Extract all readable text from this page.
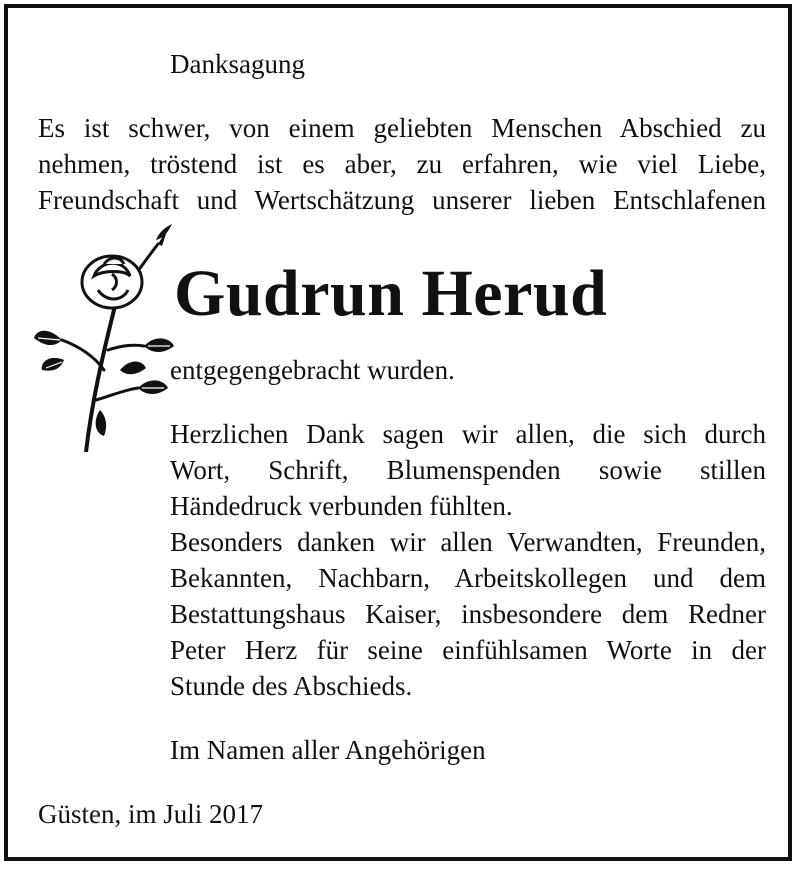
Danksagung
Es ist schwer, von einem geliebten Menschen Abschied zu
nehmen, tröstend ist es aber, zu erfahren, wie viel Liebe,
Freundschaft und Wertschätzung unserer lieben Entschlafenen
Gudrun Herud
entgegengebracht wurden.
Herzlichen Dank sagen wir allen, die sich durch
Wort, Schrift, Blumenspenden sowie stillen
Händedruck verbunden fühlten.
Besonders danken wir allen Verwandten, Freunden,
Bekannten, Nachbarn, Arbeitskollegen und dem
Bestattungshaus Kaiser, insbesondere dem Redner
Peter Herz für seine einfühlsamen Worte in der
Stunde des Abschieds.
Im Namen aller Angehörigen
Güsten, im Juli 2017
